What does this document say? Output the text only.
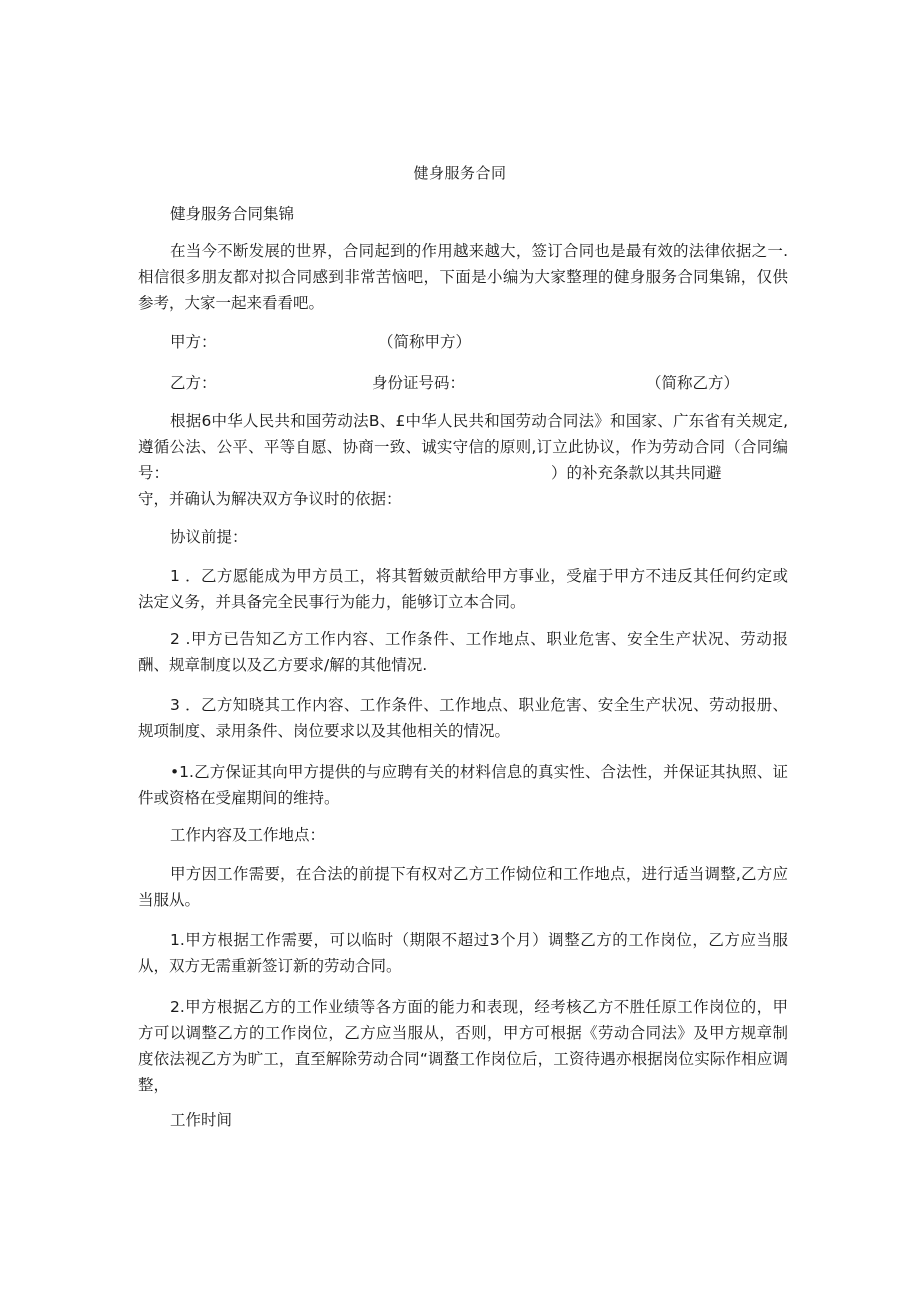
健身服务合同

健身服务合同集锦

在当今不断发展的世界，合同起到的作用越来越大，签订合同也是最有效的法律依据之一.相信很多朋友都对拟合同感到非常苦恼吧，下面是小编为大家整理的健身服务合同集锦，仅供参考，大家一起来看看吧。

甲方：	（简称甲方）
乙方：	身份证号码：	（简称乙方）

根据6中华人民共和国劳动法B、£中华人民共和国劳动合同法》和国家、广东省有关规定,遵循公法、公平、平等自愿、协商一致、诚实守信的原则,订立此协议，作为劳动合同（合同编号：	）的补充条款以其共同避
守，并确认为解决双方争议时的依据：

协议前提：

1 ．乙方愿能成为甲方员工，将其暂皴贡献给甲方事业，受雇于甲方不违反其任何约定或法定义务，并具备完全民事行为能力，能够订立本合同。

2 .甲方已告知乙方工作内容、工作条件、工作地点、职业危害、安全生产状况、劳动报酬、规章制度以及乙方要求/解的其他情况.

3 ．乙方知晓其工作内容、工作条件、工作地点、职业危害、安全生产状况、劳动报册、规项制度、录用条件、岗位要求以及其他相关的情况。

•1.乙方保证其向甲方提供的与应聘有关的材料信息的真实性、合法性，并保证其执照、证件或资格在受雇期间的维持。

工作内容及工作地点：

甲方因工作需要，在合法的前提下有权对乙方工作恸位和工作地点，进行适当调整,乙方应当服从。

1.甲方根据工作需要，可以临时（期限不超过3个月）调整乙方的工作岗位，乙方应当服从，双方无需重新签订新的劳动合同。

2.甲方根据乙方的工作业绩等各方面的能力和表现，经考核乙方不胜任原工作岗位的，甲方可以调整乙方的工作岗位，乙方应当服从，否则，甲方可根据《劳动合同法》及甲方规章制度依法视乙方为旷工，直至解除劳动合同“调蝥工作岗位后，工资待遇亦根据岗位实际作相应调整，

工作时间
